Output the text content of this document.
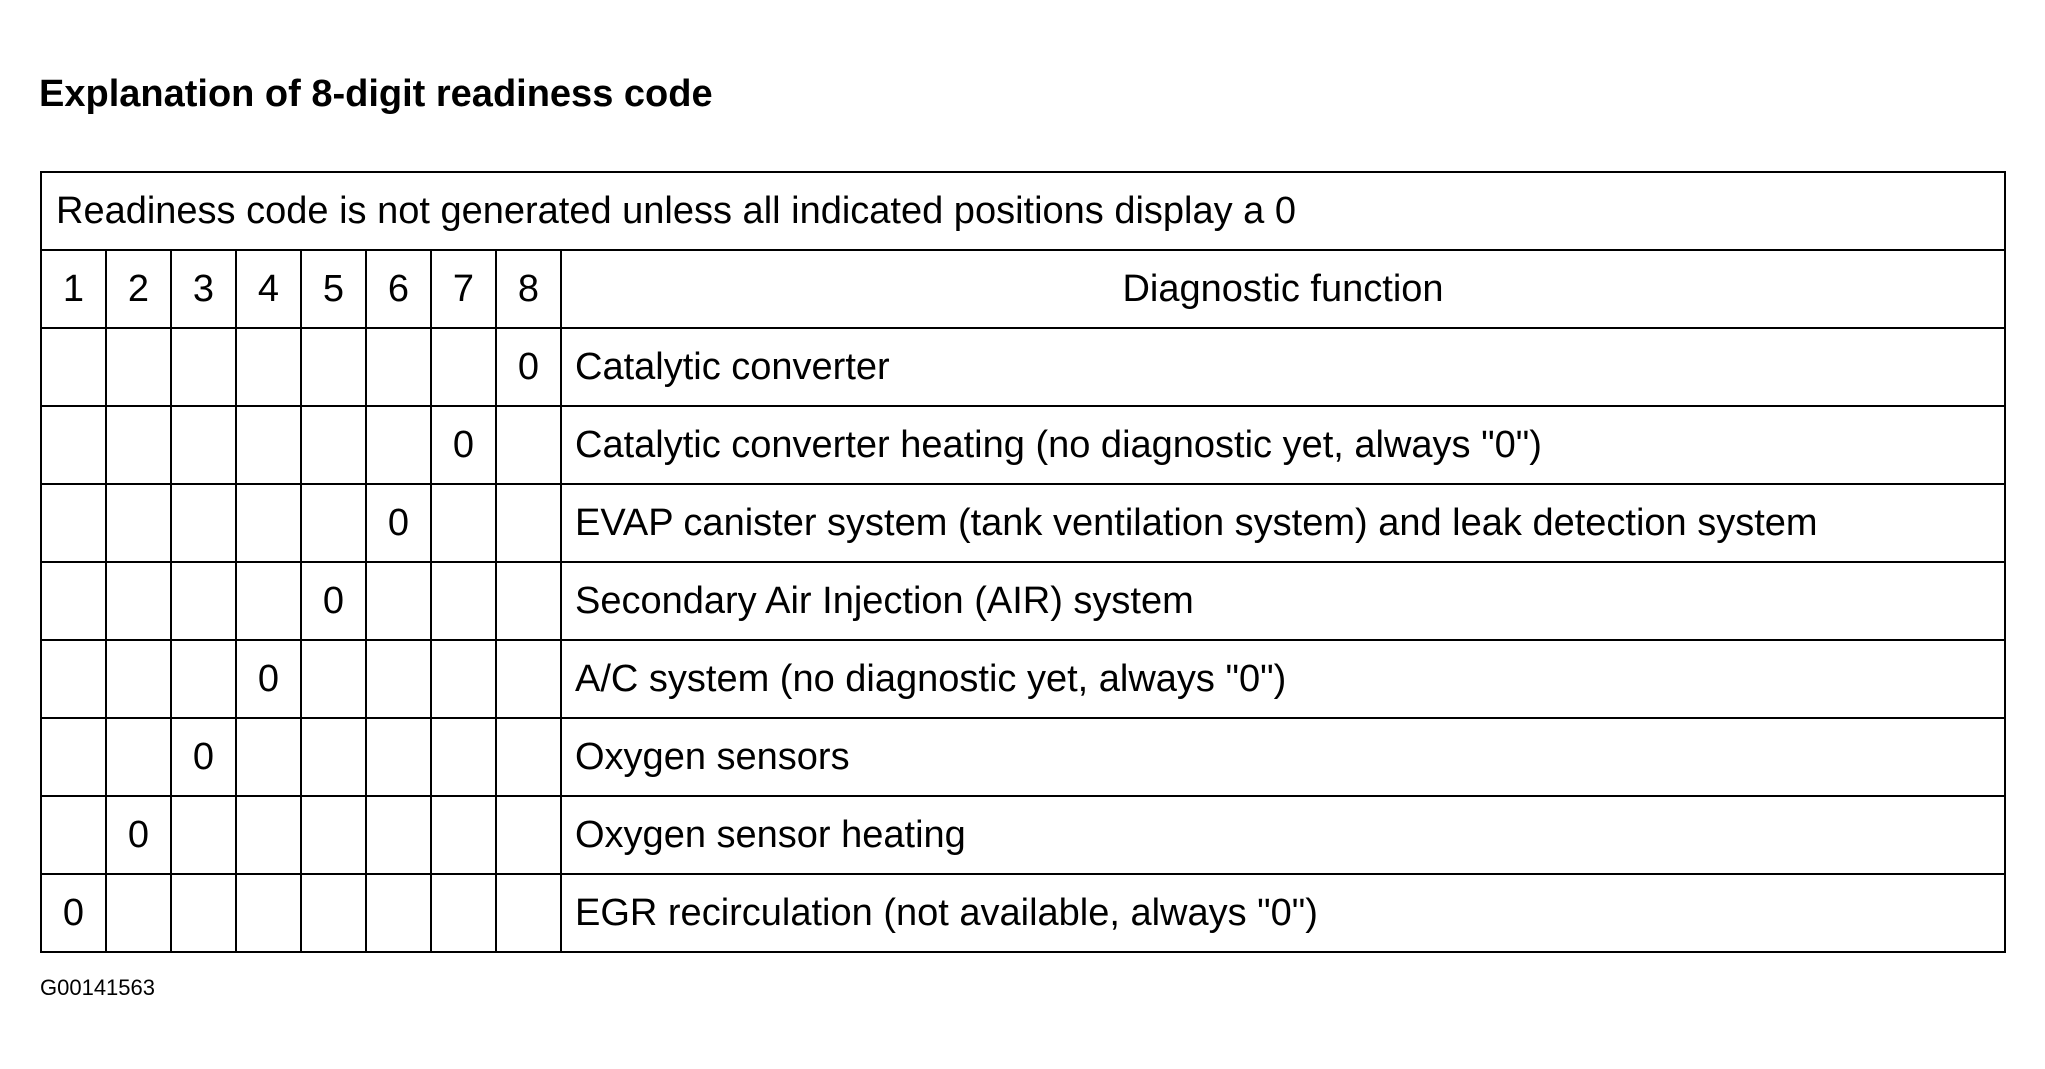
Explanation of 8-digit readiness code
Readiness code is not generated unless all indicated positions display a 0								
1	2	3	4	5	6	7	8	Diagnostic function
							0	Catalytic converter
						0		Catalytic converter heating (no diagnostic yet, always "0")
					0			EVAP canister system (tank ventilation system) and leak detection system
				0				Secondary Air Injection (AIR) system
			0					A/C system (no diagnostic yet, always "0")
		0						Oxygen sensors
	0							Oxygen sensor heating
0								EGR recirculation (not available, always "0")
G00141563
